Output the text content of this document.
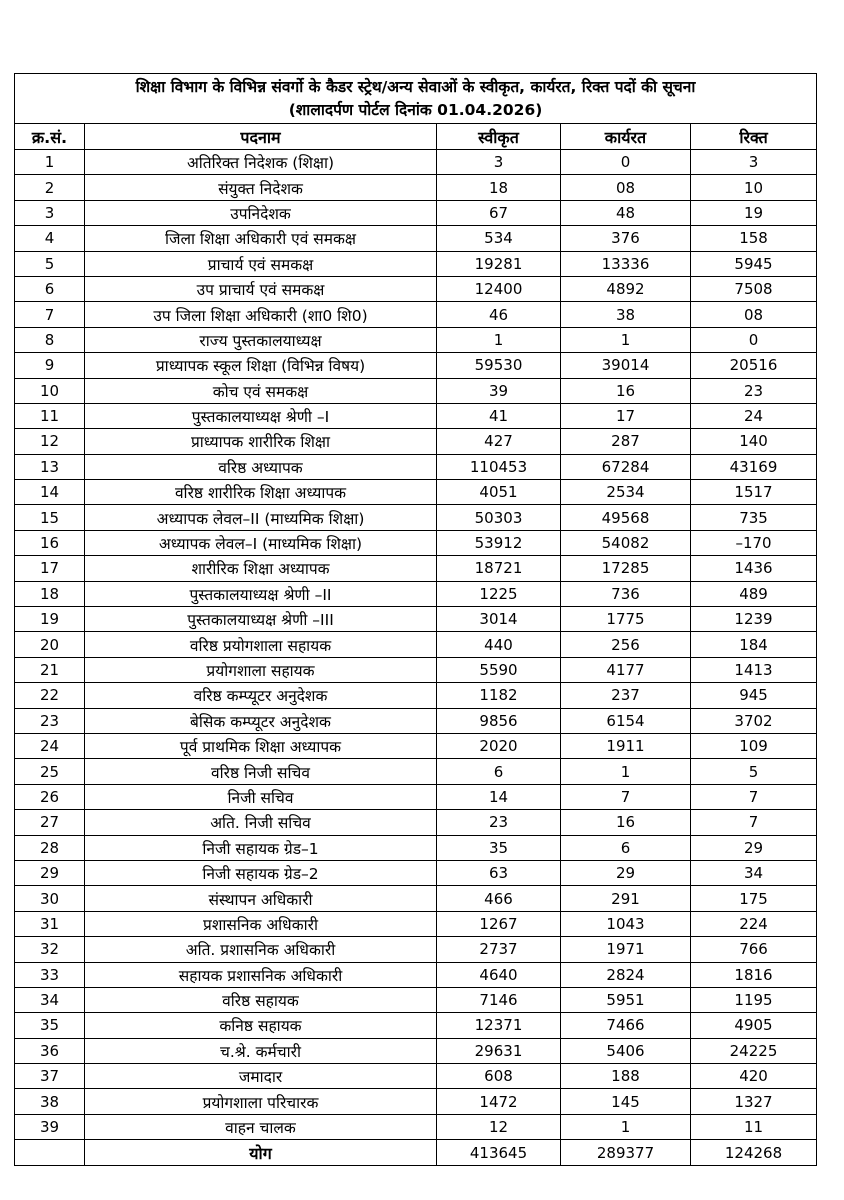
शिक्षा विभाग के विभिन्न संवर्गो के कैडर स्ट्रेथ/अन्य सेवाओं के स्वीकृत, कार्यरत, रिक्त पदों की सूचना
(शालादर्पण पोर्टल दिनांक 01.04.2026)				

क्र.सं.	पदनाम	स्वीकृत	कार्यरत	रिक्त
1	अतिरिक्त निदेशक (शिक्षा)	3	0	3
2	संयुक्त निदेशक	18	08	10
3	उपनिदेशक	67	48	19
4	जिला शिक्षा अधिकारी एवं समकक्ष	534	376	158
5	प्राचार्य एवं समकक्ष	19281	13336	5945
6	उप प्राचार्य एवं समकक्ष	12400	4892	7508
7	उप जिला शिक्षा अधिकारी (शा0 शि0)	46	38	08
8	राज्य पुस्तकालयाध्यक्ष	1	1	0
9	प्राध्यापक स्कूल शिक्षा (विभिन्न विषय)	59530	39014	20516
10	कोच एवं समकक्ष	39	16	23
11	पुस्तकालयाध्यक्ष श्रेणी –I	41	17	24
12	प्राध्यापक शारीरिक शिक्षा	427	287	140
13	वरिष्ठ अध्यापक	110453	67284	43169
14	वरिष्ठ शारीरिक शिक्षा अध्यापक	4051	2534	1517
15	अध्यापक लेवल–II (माध्यमिक शिक्षा)	50303	49568	735
16	अध्यापक लेवल–I (माध्यमिक शिक्षा)	53912	54082	–170
17	शारीरिक शिक्षा अध्यापक	18721	17285	1436
18	पुस्तकालयाध्यक्ष श्रेणी –II	1225	736	489
19	पुस्तकालयाध्यक्ष श्रेणी –III	3014	1775	1239
20	वरिष्ठ प्रयोगशाला सहायक	440	256	184
21	प्रयोगशाला सहायक	5590	4177	1413
22	वरिष्ठ कम्प्यूटर अनुदेशक	1182	237	945
23	बेसिक कम्प्यूटर अनुदेशक	9856	6154	3702
24	पूर्व प्राथमिक शिक्षा अध्यापक	2020	1911	109
25	वरिष्ठ निजी सचिव	6	1	5
26	निजी सचिव	14	7	7
27	अति. निजी सचिव	23	16	7
28	निजी सहायक ग्रेड–1	35	6	29
29	निजी सहायक ग्रेड–2	63	29	34
30	संस्थापन अधिकारी	466	291	175
31	प्रशासनिक अधिकारी	1267	1043	224
32	अति. प्रशासनिक अधिकारी	2737	1971	766
33	सहायक प्रशासनिक अधिकारी	4640	2824	1816
34	वरिष्ठ सहायक	7146	5951	1195
35	कनिष्ठ सहायक	12371	7466	4905
36	च.श्रे. कर्मचारी	29631	5406	24225
37	जमादार	608	188	420
38	प्रयोगशाला परिचारक	1472	145	1327
39	वाहन चालक	12	1	11
	योग	413645	289377	124268
